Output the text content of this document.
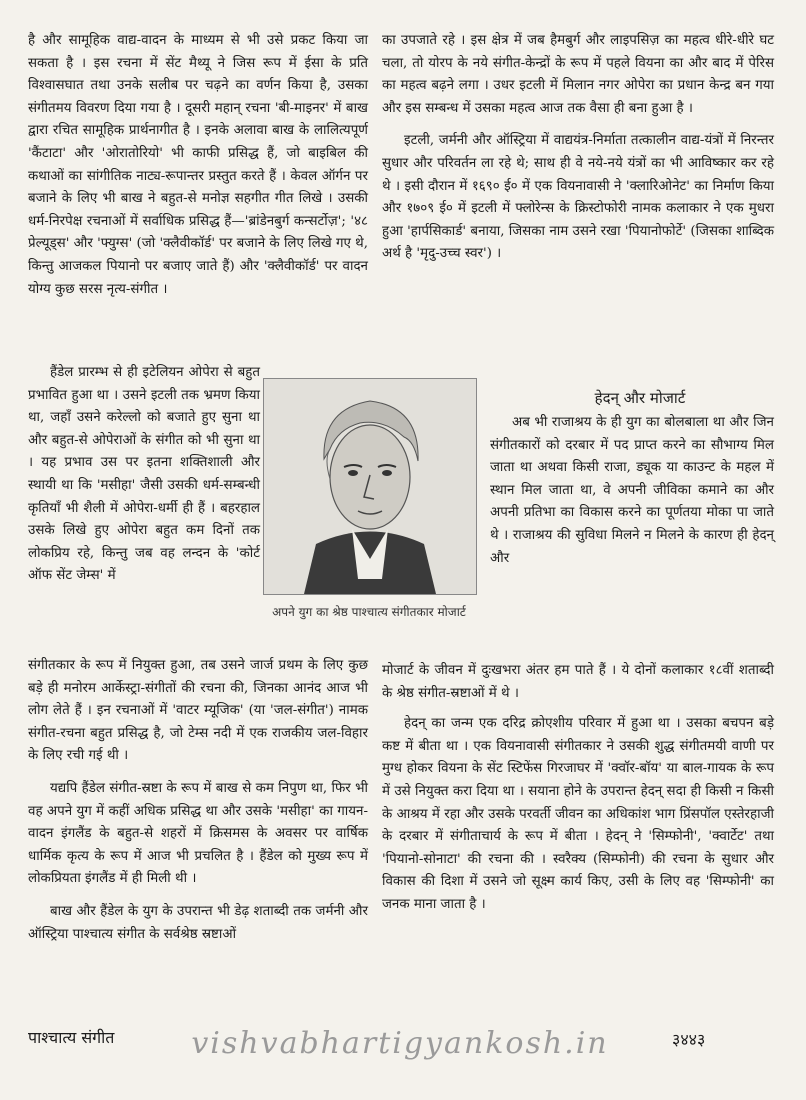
है और सामूहिक वाद्य-वादन के माध्यम से भी उसे प्रकट किया जा सकता है । इस रचना में सेंट मैथ्यू ने जिस रूप में ईसा के प्रति विश्वासघात तथा उनके सलीब पर चढ़ने का वर्णन किया है, उसका संगीतमय विवरण दिया गया है । दूसरी महान् रचना 'बी-माइनर' में बाख द्वारा रचित सामूहिक प्रार्थनागीत है । इनके अलावा बाख के लालित्यपूर्ण 'कैंटाटा' और 'ओरातोरियो' भी काफी प्रसिद्ध हैं, जो बाइबिल की कथाओं का सांगीतिक नाट्य-रूपान्तर प्रस्तुत करते हैं । केवल ऑर्गन पर बजाने के लिए भी बाख ने बहुत-से मनोज्ञ सहगीत गीत लिखे । उसकी धर्म-निरपेक्ष रचनाओं में सर्वाधिक प्रसिद्ध हैं—'ब्रांडेनबुर्ग कन्सर्टोज़'; '४८ प्रेल्यूड्स' और 'फ्युग्स' (जो 'क्लैवीकॉर्ड' पर बजाने के लिए लिखे गए थे, किन्तु आजकल पियानो पर बजाए जाते हैं) और 'क्लैवीकॉर्ड' पर वादन योग्य कुछ सरस नृत्य-संगीत ।

का उपजाते रहे । इस क्षेत्र में जब हैमबुर्ग और लाइपसिज़ का महत्व धीरे-धीरे घट चला, तो योरप के नये संगीत-केन्द्रों के रूप में पहले वियना का और बाद में पेरिस का महत्व बढ़ने लगा । उधर इटली में मिलान नगर ओपेरा का प्रधान केन्द्र बन गया और इस सम्बन्ध में उसका महत्व आज तक वैसा ही बना हुआ है ।

इटली, जर्मनी और ऑस्ट्रिया में वाद्ययंत्र-निर्माता तत्कालीन वाद्य-यंत्रों में निरन्तर सुधार और परिवर्तन ला रहे थे; साथ ही वे नये-नये यंत्रों का भी आविष्कार कर रहे थे । इसी दौरान में १६९० ई० में एक वियनावासी ने 'क्लारिओनेट' का निर्माण किया और १७०९ ई० में इटली में फ्लोरेन्स के क्रिस्टोफोरी नामक कलाकार ने एक मुधरा हुआ 'हार्पसिकार्ड' बनाया, जिसका नाम उसने रखा 'पियानोफोर्टे' (जिसका शाब्दिक अर्थ है 'मृदु-उच्च स्वर') ।

हैंडेल प्रारम्भ से ही इटेलियन ओपेरा से बहुत प्रभावित हुआ था । उसने इटली तक भ्रमण किया था, जहाँ उसने करेल्लो को बजाते हुए सुना था और बहुत-से ओपेराओं के संगीत को भी सुना था । यह प्रभाव उस पर इतना शक्तिशाली और स्थायी था कि 'मसीहा' जैसी उसकी धर्म-सम्बन्धी कृतियाँ भी शैली में ओपेरा-धर्मी ही हैं । बहरहाल उसके लिखे हुए ओपेरा बहुत कम दिनों तक लोकप्रिय रहे, किन्तु जब वह लन्दन के 'कोर्ट ऑफ सेंट जेम्स' में

अपने युग का श्रेष्ठ पाश्चात्य संगीतकार मोजार्ट
हेदन् और मोजार्ट

अब भी राजाश्रय के ही युग का बोलबाला था और जिन संगीतकारों को दरबार में पद प्राप्त करने का सौभाग्य मिल जाता था अथवा किसी राजा, ड्यूक या काउन्ट के महल में स्थान मिल जाता था, वे अपनी जीविका कमाने का और अपनी प्रतिभा का विकास करने का पूर्णतया मोका पा जाते थे । राजाश्रय की सुविधा मिलने न मिलने के कारण ही हेदन् और

संगीतकार के रूप में नियुक्त हुआ, तब उसने जार्ज प्रथम के लिए कुछ बड़े ही मनोरम आर्केस्ट्रा-संगीतों की रचना की, जिनका आनंद आज भी लोग लेते हैं । इन रचनाओं में 'वाटर म्यूजिक' (या 'जल-संगीत') नामक संगीत-रचना बहुत प्रसिद्ध है, जो टेम्स नदी में एक राजकीय जल-विहार के लिए रची गई थी ।

यद्यपि हैंडेल संगीत-स्रष्टा के रूप में बाख से कम निपुण था, फिर भी वह अपने युग में कहीं अधिक प्रसिद्ध था और उसके 'मसीहा' का गायन-वादन इंगलैंड के बहुत-से शहरों में क्रिसमस के अवसर पर वार्षिक धार्मिक कृत्य के रूप में आज भी प्रचलित है । हैंडेल को मुख्य रूप में लोकप्रियता इंगलैंड में ही मिली थी ।

बाख और हैंडेल के युग के उपरान्त भी डेढ़ शताब्दी तक जर्मनी और ऑस्ट्रिया पाश्चात्य संगीत के सर्वश्रेष्ठ स्रष्टाओं

मोजार्ट के जीवन में दुःखभरा अंतर हम पाते हैं । ये दोनों कलाकार १८वीं शताब्दी के श्रेष्ठ संगीत-स्रष्टाओं में थे ।

हेदन् का जन्म एक दरिद्र क्रोएशीय परिवार में हुआ था । उसका बचपन बड़े कष्ट में बीता था । एक वियनावासी संगीतकार ने उसकी शुद्ध संगीतमयी वाणी पर मुग्ध होकर वियना के सेंट स्टिफेंस गिरजाघर में 'क्वॉर-बॉय' या बाल-गायक के रूप में उसे नियुक्त करा दिया था । सयाना होने के उपरान्त हेदन् सदा ही किसी न किसी के आश्रय में रहा और उसके परवर्ती जीवन का अधिकांश भाग प्रिंसपॉल एस्तेरहाजी के दरबार में संगीताचार्य के रूप में बीता । हेदन् ने 'सिम्फोनी', 'क्वार्टेट' तथा 'पियानो-सोनाटा' की रचना की । स्वरैक्य (सिम्फोनी) की रचना के सुधार और विकास की दिशा में उसने जो सूक्ष्म कार्य किए, उसी के लिए वह 'सिम्फोनी' का जनक माना जाता है ।

पाश्चात्य संगीत	vishvabhartigyankosh.in	३४४३
